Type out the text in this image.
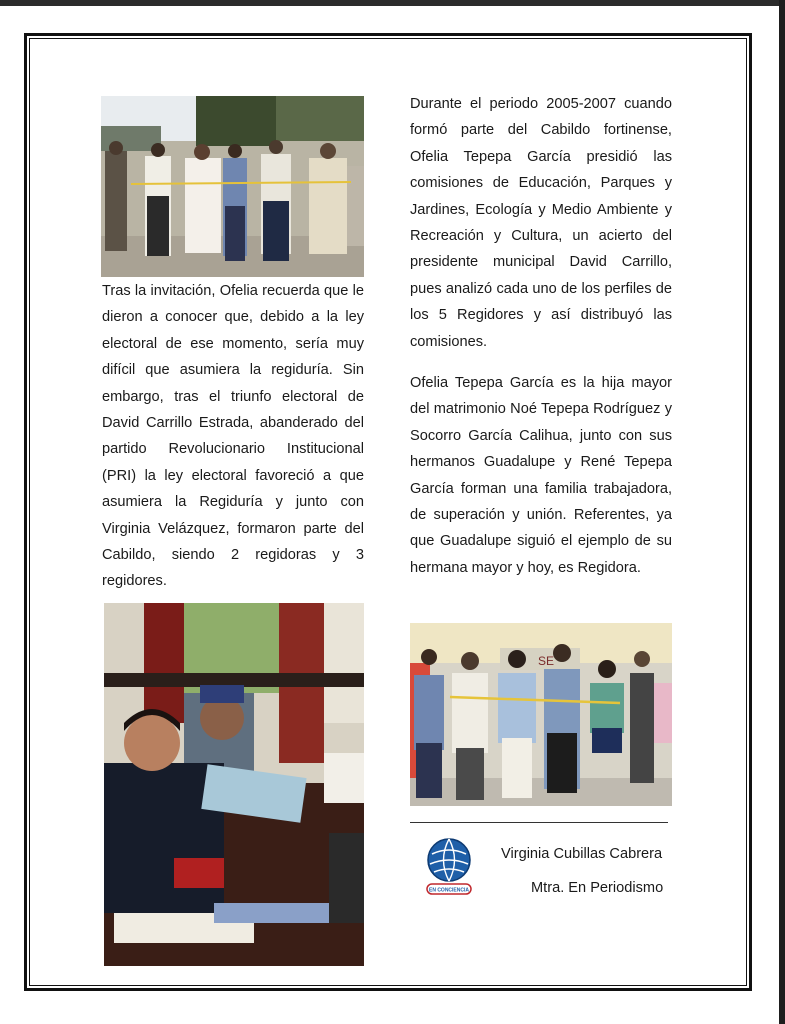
SE

Tras la invitación, Ofelia recuerda que le dieron a conocer que, debido a la ley electoral de ese momento, sería muy difícil que asumiera la regiduría. Sin embargo, tras el triunfo electoral de David Carrillo Estrada, abanderado del partido Revolucionario Institucional (PRI) la ley electoral favoreció a que asumiera la Regiduría y junto con Virginia Velázquez, formaron parte del Cabildo, siendo 2 regidoras y 3 regidores.

Durante el periodo 2005-2007 cuando formó parte del Cabildo fortinense, Ofelia Tepepa García presidió las comisiones de Educación, Parques y Jardines, Ecología y Medio Ambiente y Recreación y Cultura, un acierto del presidente municipal David Carrillo, pues analizó cada uno de los perfiles de los 5 Regidores y así distribuyó las comisiones.

Ofelia Tepepa García es la hija mayor del matrimonio Noé Tepepa Rodríguez y Socorro García Calihua, junto con sus hermanos Guadalupe y René Tepepa García forman una familia trabajadora, de superación y unión. Referentes, ya que Guadalupe siguió el ejemplo de su hermana mayor y hoy, es Regidora.

EN CONCIENCIA
Virginia Cubillas Cabrera
Mtra. En Periodismo
